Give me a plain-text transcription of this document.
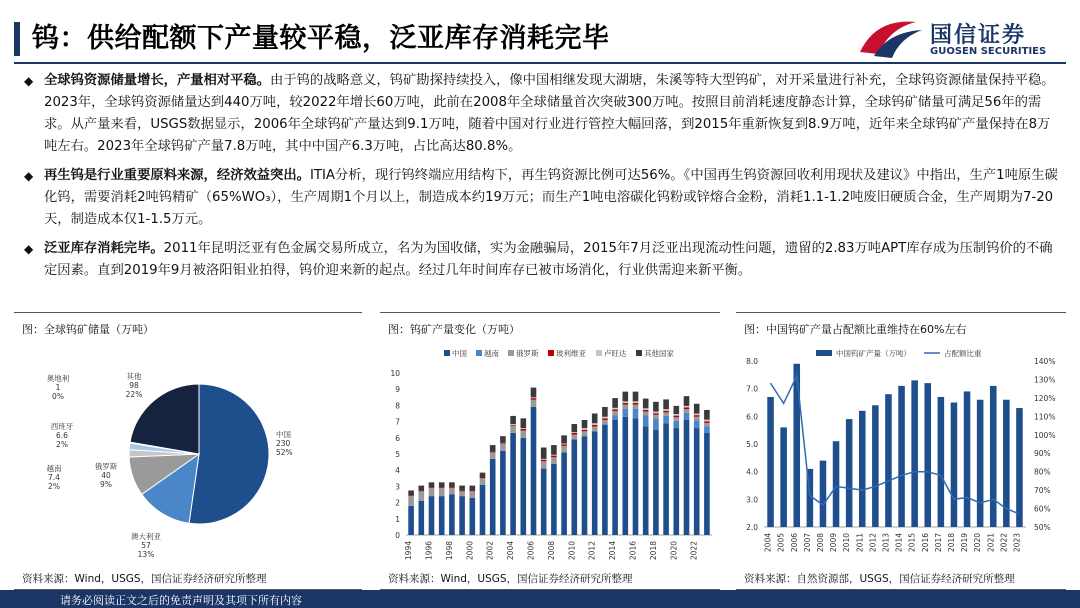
钨：供给配额下产量较平稳，泛亚库存消耗完毕	国信证券
GUOSEN SECURITIES
◆ 全球钨资源储量增长，产量相对平稳。由于钨的战略意义，钨矿勘探持续投入，像中国相继发现大湖塘，朱溪等特大型钨矿，对开采量进行补充，全球钨资源储量保持平稳。2023年，全球钨资源储量达到440万吨，较2022年增长60万吨，此前在2008年全球储量首次突破300万吨。按照目前消耗速度静态计算，全球钨矿储量可满足56年的需求。从产量来看，USGS数据显示，2006年全球钨矿产量达到9.1万吨，随着中国对行业进行管控大幅回落，到2015年重新恢复到8.9万吨，近年来全球钨矿产量保持在8万吨左右。2023年全球钨矿产量7.8万吨，其中中国产6.3万吨，占比高达80.8%。
◆ 再生钨是行业重要原料来源，经济效益突出。ITIA分析，现行钨终端应用结构下，再生钨资源比例可达56%。《中国再生钨资源回收利用现状及建议》中指出，生产1吨原生碳化钨，需要消耗2吨钨精矿（65%WO₃），生产周期1个月以上，制造成本约19万元；而生产1吨电溶碳化钨粉或锌熔合金粉，消耗1.1-1.2吨废旧硬质合金，生产周期为7-20天，制造成本仅1-1.5万元。
◆ 泛亚库存消耗完毕。2011年昆明泛亚有色金属交易所成立，名为为国收储，实为金融骗局，2015年7月泛亚出现流动性问题，遗留的2.83万吨APT库存成为压制钨价的不确定因素。直到2019年9月被洛阳钼业拍得，钨价迎来新的起点。经过几年时间库存已被市场消化，行业供需迎来新平衡。
图：全球钨矿储量（万吨）
中国
230
52%
澳大利亚
57
13%
俄罗斯
40
9%
越南
7.4
2%
西班牙
6.6
2%
奥地利
1
0%
其他
98
22%
资料来源：Wind，USGS，国信证券经济研究所整理
图：钨矿产量变化（万吨）
中国 越南 俄罗斯 玻利维亚 卢旺达 其他国家
0
1
2
3
4
5
6
7
8
9
10
1994 1996 1998 2000 2002 2004 2006 2008 2010 2012 2014 2016 2018 2020 2022
资料来源：Wind，USGS，国信证券经济研究所整理
图：中国钨矿产量占配额比重维持在60%左右
中国钨矿产量（万吨）	占配额比重
2.0
3.0
4.0
5.0
6.0
7.0
8.0
50%
60%
70%
80%
90%
100%
110%
120%
130%
140%
2004 2005 2006 2007 2008 2009 2010 2011 2012 2013 2014 2015 2016 2017 2018 2019 2020 2021 2022 2023
资料来源：自然资源部，USGS，国信证券经济研究所整理
请务必阅读正文之后的免责声明及其项下所有内容
